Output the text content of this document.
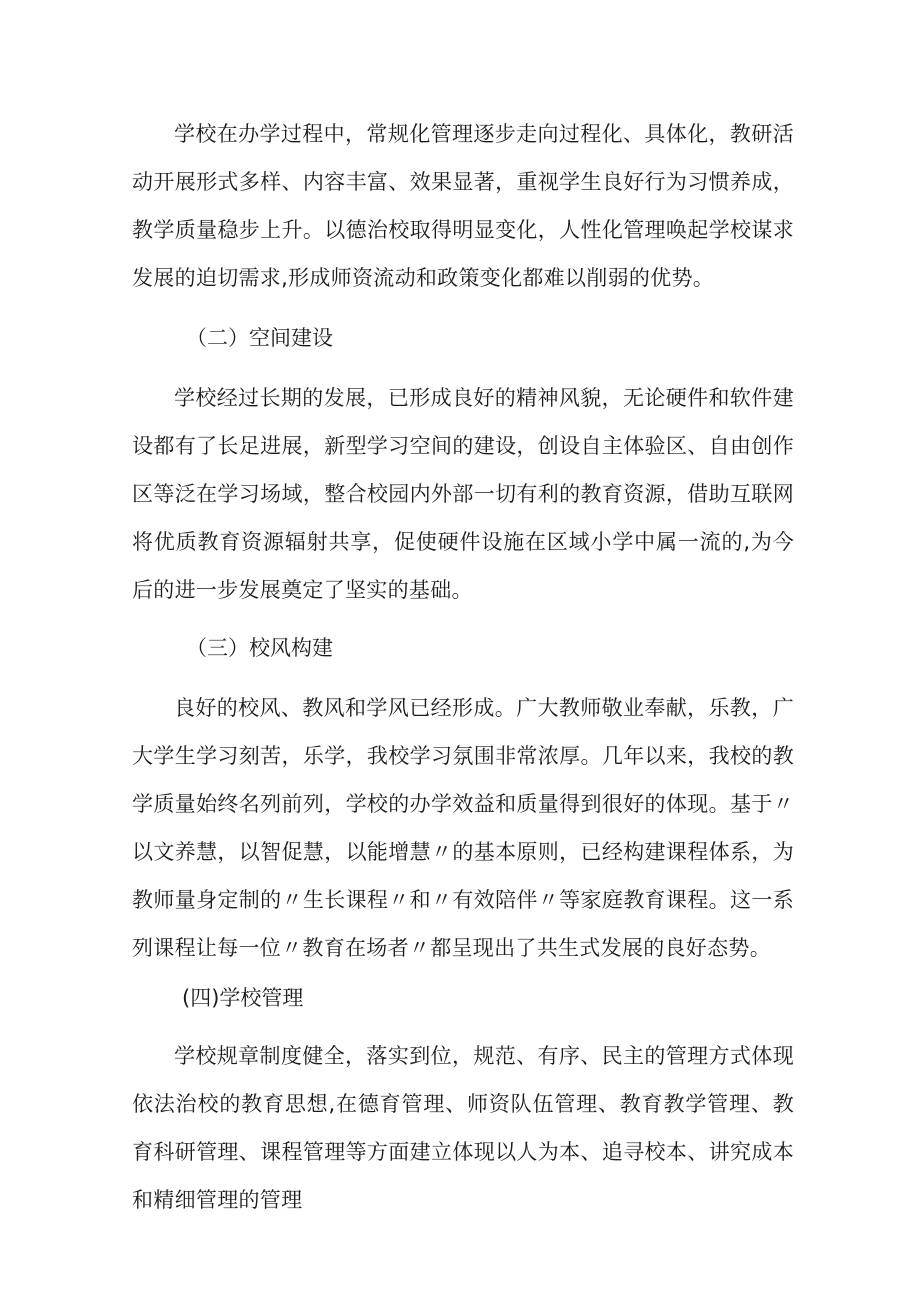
学校在办学过程中，常规化管理逐步走向过程化、具体化，教研活动开展形式多样、内容丰富、效果显著，重视学生良好行为习惯养成，教学质量稳步上升。以德治校取得明显变化，人性化管理唤起学校谋求发展的迫切需求,形成师资流动和政策变化都难以削弱的优势。

（二）空间建设

学校经过长期的发展，已形成良好的精神风貌，无论硬件和软件建设都有了长足进展，新型学习空间的建设，创设自主体验区、自由创作区等泛在学习场域，整合校园内外部一切有利的教育资源，借助互联网将优质教育资源辐射共享，促使硬件设施在区域小学中属一流的,为今后的进一步发展奠定了坚实的基础。

（三）校风构建

良好的校风、教风和学风已经形成。广大教师敬业奉献，乐教，广大学生学习刻苦，乐学，我校学习氛围非常浓厚。几年以来，我校的教学质量始终名列前列，学校的办学效益和质量得到很好的体现。基于〃以文养慧，以智促慧，以能增慧〃的基本原则，已经构建课程体系，为教师量身定制的〃生长课程〃和〃有效陪伴〃等家庭教育课程。这一系列课程让每一位〃教育在场者〃都呈现出了共生式发展的良好态势。

(四)学校管理

学校规章制度健全，落实到位，规范、有序、民主的管理方式体现依法治校的教育思想,在德育管理、师资队伍管理、教育教学管理、教育科研管理、课程管理等方面建立体现以人为本、追寻校本、讲究成本和精细管理的管理
